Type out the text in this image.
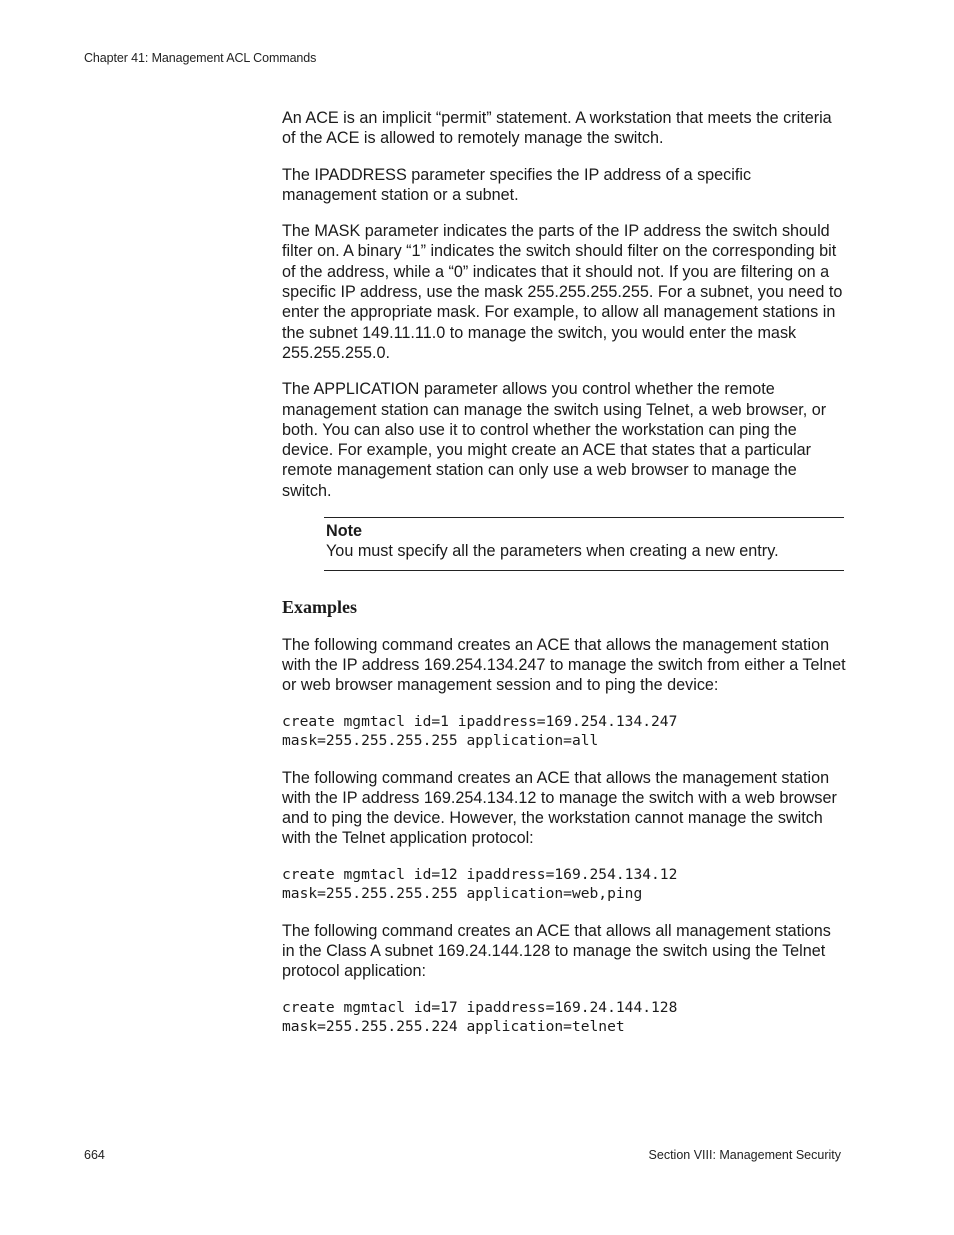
Chapter 41: Management ACL Commands

An ACE is an implicit “permit” statement. A workstation that meets the criteria of the ACE is allowed to remotely manage the switch.

The IPADDRESS parameter specifies the IP address of a specific management station or a subnet.

The MASK parameter indicates the parts of the IP address the switch should filter on. A binary “1” indicates the switch should filter on the corresponding bit of the address, while a “0” indicates that it should not. If you are filtering on a specific IP address, use the mask 255.255.255.255. For a subnet, you need to enter the appropriate mask. For example, to allow all management stations in the subnet 149.11.11.0 to manage the switch, you would enter the mask 255.255.255.0.

The APPLICATION parameter allows you control whether the remote management station can manage the switch using Telnet, a web browser, or both. You can also use it to control whether the workstation can ping the device. For example, you might create an ACE that states that a particular remote management station can only use a web browser to manage the switch.

Note
You must specify all the parameters when creating a new entry.
Examples

The following command creates an ACE that allows the management station with the IP address 169.254.134.247 to manage the switch from either a Telnet or web browser management session and to ping the device:

create mgmtacl id=1 ipaddress=169.254.134.247
mask=255.255.255.255 application=all

The following command creates an ACE that allows the management station with the IP address 169.254.134.12 to manage the switch with a web browser and to ping the device. However, the workstation cannot manage the switch with the Telnet application protocol:

create mgmtacl id=12 ipaddress=169.254.134.12
mask=255.255.255.255 application=web,ping

The following command creates an ACE that allows all management stations in the Class A subnet 169.24.144.128 to manage the switch using the Telnet protocol application:

create mgmtacl id=17 ipaddress=169.24.144.128
mask=255.255.255.224 application=telnet
664	Section VIII: Management Security
